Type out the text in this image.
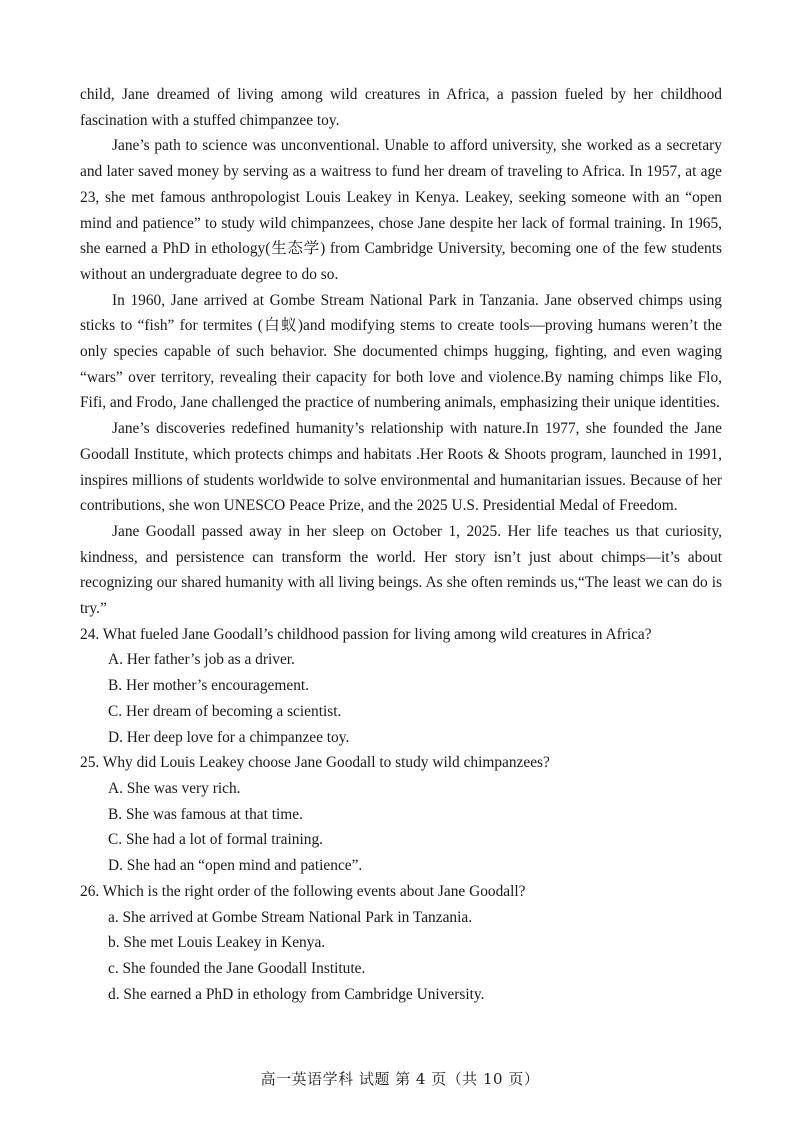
child, Jane dreamed of living among wild creatures in Africa, a passion fueled by her childhood fascination with a stuffed chimpanzee toy.

Jane’s path to science was unconventional. Unable to afford university, she worked as a secretary and later saved money by serving as a waitress to fund her dream of traveling to Africa. In 1957, at age 23, she met famous anthropologist Louis Leakey in Kenya. Leakey, seeking someone with an “open mind and patience” to study wild chimpanzees, chose Jane despite her lack of formal training. In 1965, she earned a PhD in ethology(生态学) from Cambridge University, becoming one of the few students without an undergraduate degree to do so.

In 1960, Jane arrived at Gombe Stream National Park in Tanzania. Jane observed chimps using sticks to “fish” for termites (白蚁)and modifying stems to create tools—proving humans weren’t the only species capable of such behavior. She documented chimps hugging, fighting, and even waging “wars” over territory, revealing their capacity for both love and violence.By naming chimps like Flo, Fifi, and Frodo, Jane challenged the practice of numbering animals, emphasizing their unique identities.

Jane’s discoveries redefined humanity’s relationship with nature.In 1977, she founded the Jane Goodall Institute, which protects chimps and habitats .Her Roots & Shoots program, launched in 1991, inspires millions of students worldwide to solve environmental and humanitarian issues. Because of her contributions, she won UNESCO Peace Prize, and the 2025 U.S. Presidential Medal of Freedom.

Jane Goodall passed away in her sleep on October 1, 2025. Her life teaches us that curiosity, kindness, and persistence can transform the world. Her story isn’t just about chimps—it’s about recognizing our shared humanity with all living beings. As she often reminds us,“The least we can do is try.”

24. What fueled Jane Goodall’s childhood passion for living among wild creatures in Africa?

A. Her father’s job as a driver.

B. Her mother’s encouragement.

C. Her dream of becoming a scientist.

D. Her deep love for a chimpanzee toy.

25. Why did Louis Leakey choose Jane Goodall to study wild chimpanzees?

A. She was very rich.

B. She was famous at that time.

C. She had a lot of formal training.

D. She had an “open mind and patience”.

26. Which is the right order of the following events about Jane Goodall?

a. She arrived at Gombe Stream National Park in Tanzania.

b. She met Louis Leakey in Kenya.

c. She founded the Jane Goodall Institute.

d. She earned a PhD in ethology from Cambridge University.

高一英语学科 试题 第 4 页（共 10 页）
